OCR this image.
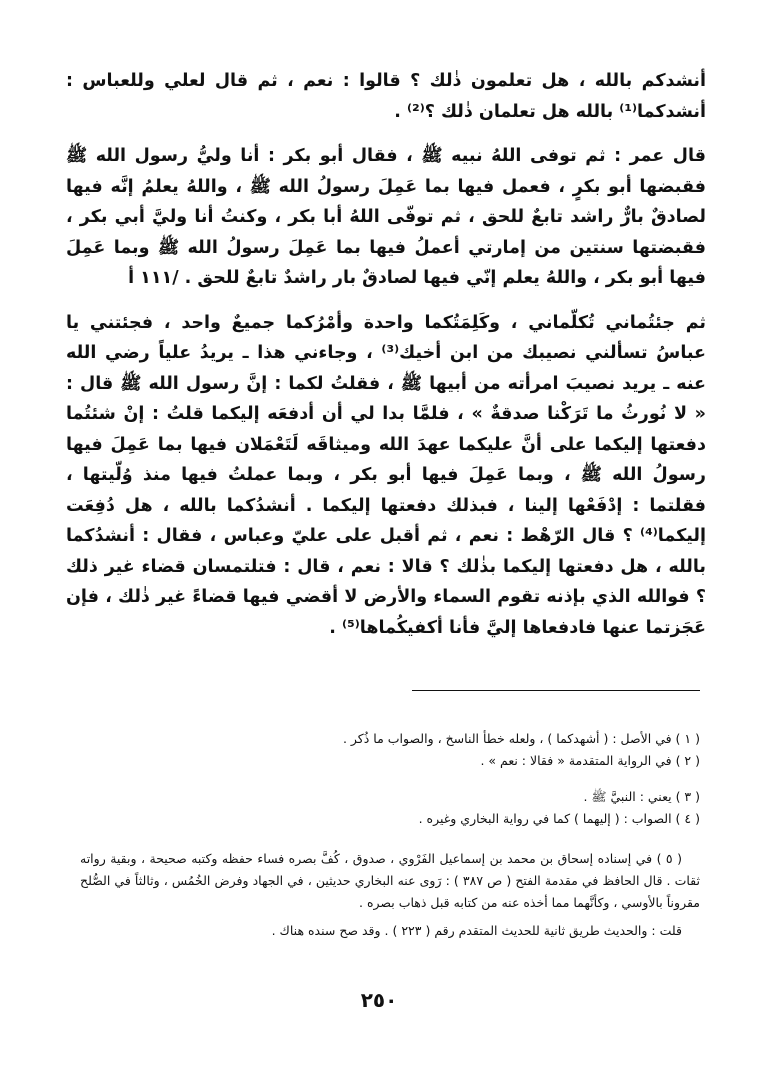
أنشدكم بالله ، هل تعلمون ذٰلك ؟ قالوا : نعم ، ثم قال لعلي وللعباس : أنشدكما⁽¹⁾ بالله هل تعلمان ذٰلك ؟⁽²⁾ .

قال عمر : ثم توفى اللهُ نبيه ﷺ ، فقال أبو بكر : أنا وليُّ رسول الله ﷺ فقبضها أبو بكرٍ ، فعمل فيها بما عَمِلَ رسولُ الله ﷺ ، واللهُ يعلمُ إنَّه فيها لصادقٌ بارٌّ راشد تابعٌ للحق ، ثم توفّى اللهُ أبا بكر ، وكنتُ أنا وليَّ أبي بكر ، فقبضتها سنتين من إمارتي أعملُ فيها بما عَمِلَ رسولُ الله ﷺ وبما عَمِلَ فيها أبو بكر ، واللهُ يعلم إنّي فيها لصادقٌ بار راشدٌ تابعٌ للحق . /١١١ أ

ثم جئتُماني تُكلّماني ، وكَلِمَتُكما واحدة وأمْرُكما جميعٌ واحد ، فجئتني يا عباسُ تسألني نصيبك من ابن أخيك⁽³⁾ ، وجاءني هذا ـ يريدُ علياً رضي الله عنه ـ يريد نصيبَ امرأته من أبيها ﷺ ، فقلتُ لكما : إنَّ رسول الله ﷺ قال : « لا نُورثُ ما تَرَكْنا صدقةٌ » ، فلمَّا بدا لي أن أدفعَه إليكما قلتُ : إنْ شئتُما دفعتها إليكما على أنَّ عليكما عهدَ الله وميثاقَه لَتَعْمَلان فيها بما عَمِلَ فيها رسولُ الله ﷺ ، وبما عَمِلَ فيها أبو بكر ، وبما عملتُ فيها منذ وُلّيتها ، فقلتما : إدْفَعْها إلينا ، فبذلك دفعتها إليكما . أنشدُكما بالله ، هل دُفِعَت إليكما⁽⁴⁾ ؟ قال الرّهْط : نعم ، ثم أقبل على عليّ وعباس ، فقال : أنشدُكما بالله ، هل دفعتها إليكما بذٰلك ؟ قالا : نعم ، قال : فتلتمسان قضاء غير ذلك ؟ فوالله الذي بإذنه تقوم السماء والأرض لا أقضي فيها قضاءً غير ذٰلك ، فإن عَجَزتما عنها فادفعاها إليَّ فأنا أكفيكُماها⁽⁵⁾ .

( ١ ) في الأصل : ( أشهدكما ) ، ولعله خطأ الناسخ ، والصواب ما ذُكر .

( ٢ ) في الرواية المتقدمة « فقالا : نعم » .

( ٣ ) يعني : النبيَّ ﷺ .

( ٤ ) الصواب : ( إليهما ) كما في رواية البخاري وغيره .

( ٥ ) في إسناده إسحاق بن محمد بن إسماعيل الفَرْوي ، صدوق ، كُفَّ بصره فساء حفظه وكتبه صحيحة ، وبقية رواته ثقات . قال الحافظ في مقدمة الفتح ( ص ٣٨٧ ) : رَوى عنه البخاري حديثين ، في الجهاد وفرض الخُمُس ، وثالثاً في الصُّلح مقروناً بالأوسي ، وكأنَّهما مما أخذه عنه من كتابه قبل ذهاب بصره .

قلت : والحديث طريق ثانية للحديث المتقدم رقم ( ٢٢٣ ) . وقد صح سنده هناك .

٢٥٠
